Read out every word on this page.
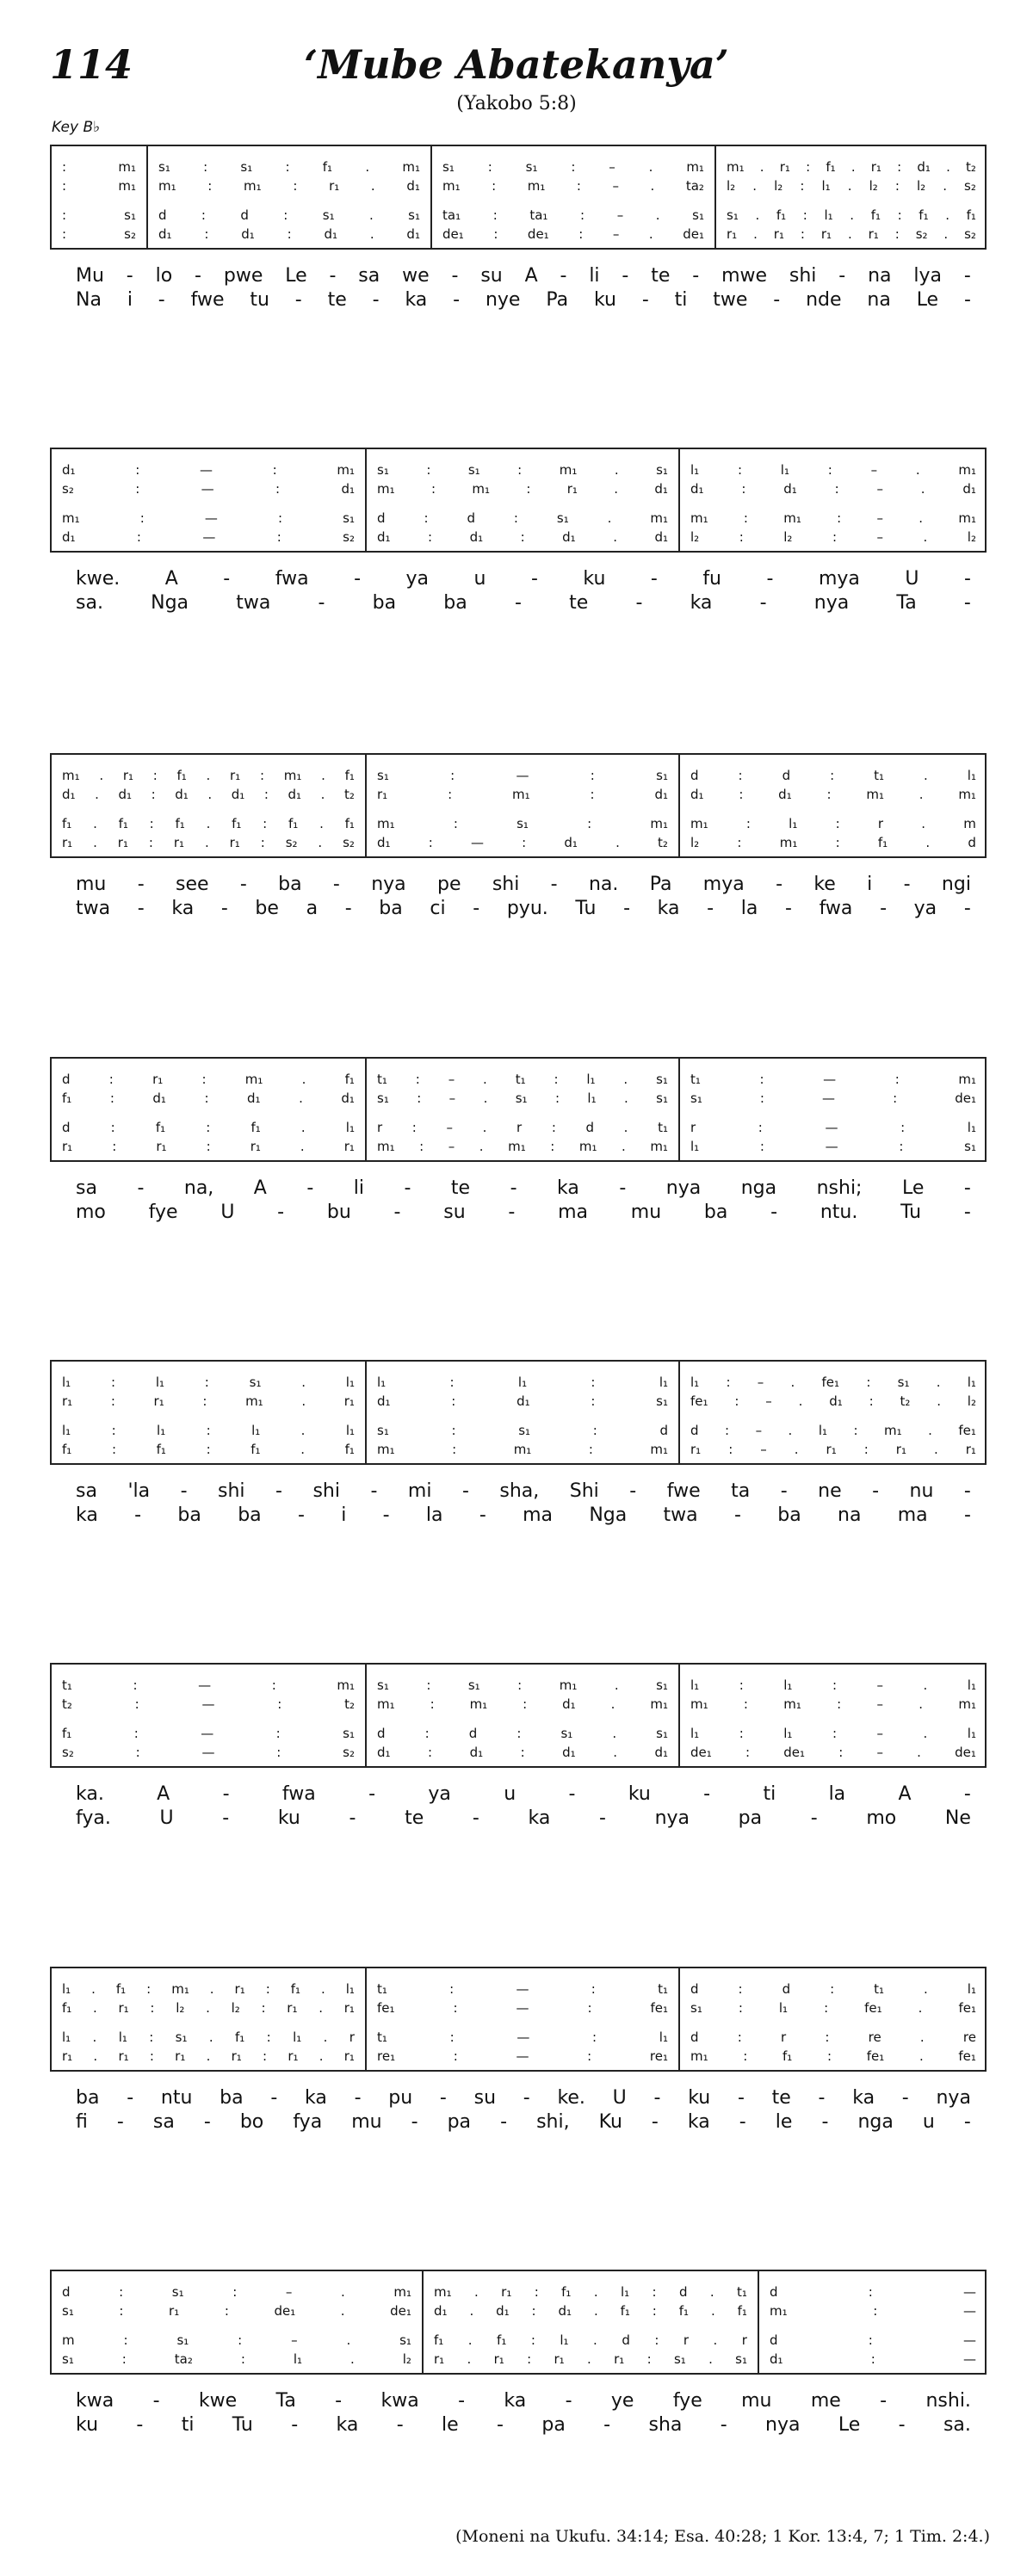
114	‘Mube Abatekanya’
(Yakobo 5:8)
Key B♭
:	m₁
:	m₁
:	s₁
:	s₂
s₁	:	s₁	:	f₁	.	m₁
m₁ : m₁ : r₁ . d₁
d	:	d	:	s₁	.	s₁
d₁	:	d₁	:	d₁	.	d₁
s₁	:	s₁	:	–	.	m₁
m₁ : m₁ : – . ta₂
ta₁	:	ta₁	:	–	.	s₁
de₁ : de₁ : – . de₁
m₁ . r₁ : f₁ . r₁ : d₁ . t₂
l₂ . l₂ : l₁ . l₂ : l₂ . s₂
s₁ . f₁ : l₁ . f₁ : f₁ . f₁
r₁ . r₁ : r₁ . r₁ : s₂ . s₂
Mu - lo - pwe Le - sa we - su A - li - te - mwe shi - na lya -
Na i - fwe tu - te - ka - nye Pa ku - ti twe - nde na Le -
d₁	:	—	:	m₁
s₂	:	—	:	d₁
m₁	:	—	:	s₁
d₁	:	—	:	s₂
s₁	:	s₁	:	m₁	.	s₁
m₁	:	m₁	:	r₁	.	d₁
d	:	d	:	s₁	.	m₁
d₁	:	d₁	:	d₁	.	d₁
l₁	:	l₁	:	–	.	m₁
d₁	:	d₁	:	–	.	d₁
m₁	:	m₁	:	–	.	m₁
l₂	:	l₂	:	–	.	l₂
kwe. A - fwa - ya u - ku - fu - mya U -
sa.	Nga	twa	-	ba	ba	-	te	-	ka	-	nya	Ta	-
m₁ . r₁ : f₁ . r₁ : m₁ . f₁
d₁ . d₁ : d₁ . d₁ : d₁ . t₂
f₁ . f₁ : f₁ . f₁ : f₁ . f₁
r₁ . r₁ : r₁ . r₁ : s₂ . s₂
s₁	:	—	:	s₁
r₁	:	m₁	:	d₁
m₁	:	s₁	:	m₁
d₁	:	—	:	d₁	.	t₂
d	:	d	:	t₁	.	l₁
d₁	:	d₁	:	m₁	.	m₁
m₁	:	l₁	:	r	.	m
l₂	:	m₁	:	f₁	.	d
mu - see - ba - nya pe shi - na. Pa mya - ke i - ngi
twa - ka - be a - ba ci - pyu. Tu - ka - la - fwa - ya -
d	:	r₁	:	m₁	.	f₁
f₁	:	d₁	:	d₁	.	d₁
d	:	f₁	:	f₁	.	l₁
r₁	:	r₁	:	r₁	.	r₁
t₁ : – . t₁ : l₁ . s₁
s₁ : – . s₁ : l₁ . s₁
r : – . r : d . t₁
m₁ : – . m₁ : m₁ . m₁
t₁	:	—	:	m₁
s₁	:	—	:	de₁
r	:	—	:	l₁
l₁	:	—	:	s₁
sa - na, A - li - te - ka - nya nga nshi; Le -
mo fye U - bu - su - ma mu ba - ntu. Tu -
l₁	:	l₁	:	s₁	.	l₁
r₁	:	r₁	:	m₁	.	r₁
l₁	:	l₁	:	l₁	.	l₁
f₁	:	f₁	:	f₁	.	f₁
l₁	:	l₁	:	l₁
d₁	:	d₁	:	s₁
s₁	:	s₁	:	d
m₁	:	m₁	:	m₁
l₁ : – . fe₁ : s₁ . l₁
fe₁ : – . d₁ : t₂ . l₂
d : – . l₁ : m₁ . fe₁
r₁ : – . r₁ : r₁ . r₁
sa 'la - shi - shi - mi - sha, Shi - fwe ta - ne - nu -
ka - ba ba - i - la - ma Nga twa - ba na ma -
t₁	:	—	:	m₁
t₂	:	—	:	t₂
f₁	:	—	:	s₁
s₂	:	—	:	s₂
s₁	:	s₁	:	m₁	.	s₁
m₁	:	m₁	:	d₁	.	m₁
d	:	d	:	s₁	.	s₁
d₁	:	d₁	:	d₁	.	d₁
l₁	:	l₁	:	–	.	l₁
m₁	:	m₁	:	–	.	m₁
l₁	:	l₁	:	–	.	l₁
de₁	:	de₁	:	–	.	de₁
ka.	A	-	fwa	-	ya	u	-	ku	-	ti	la	A	-
fya.	U	-	ku	-	te	-	ka	-	nya	pa	-	mo	Ne
l₁ . f₁ : m₁ . r₁ : f₁ . l₁
f₁ . r₁ : l₂ . l₂ : r₁ . r₁
l₁ . l₁ : s₁ . f₁ : l₁ . r
r₁ . r₁ : r₁ . r₁ : r₁ . r₁
t₁	:	—	:	t₁
fe₁	:	—	:	fe₁
t₁	:	—	:	l₁
re₁	:	—	:	re₁
d	:	d	:	t₁	.	l₁
s₁	:	l₁	:	fe₁	.	fe₁
d	:	r	:	re	.	re
m₁	:	f₁	:	fe₁	.	fe₁
ba - ntu ba - ka - pu - su - ke. U - ku - te - ka - nya
fi - sa - bo fya mu - pa - shi, Ku - ka - le - nga u -
d	:	s₁	:	–	.	m₁
s₁	:	r₁	:	de₁	.	de₁
m	:	s₁	:	–	.	s₁
s₁	:	ta₂	:	l₁	.	l₂
m₁ . r₁ : f₁ . l₁ : d . t₁
d₁ . d₁ : d₁ . f₁ : f₁ . f₁
f₁ . f₁ : l₁ . d : r . r
r₁ . r₁ : r₁ . r₁ : s₁ . s₁
d	:	—
m₁	:	—
d	:	—
d₁	:	—
kwa - kwe Ta - kwa - ka - ye fye mu me - nshi.
ku - ti Tu - ka - le - pa - sha - nya Le - sa.
(Moneni na Ukufu. 34:14; Esa. 40:28; 1 Kor. 13:4, 7; 1 Tim. 2:4.)
